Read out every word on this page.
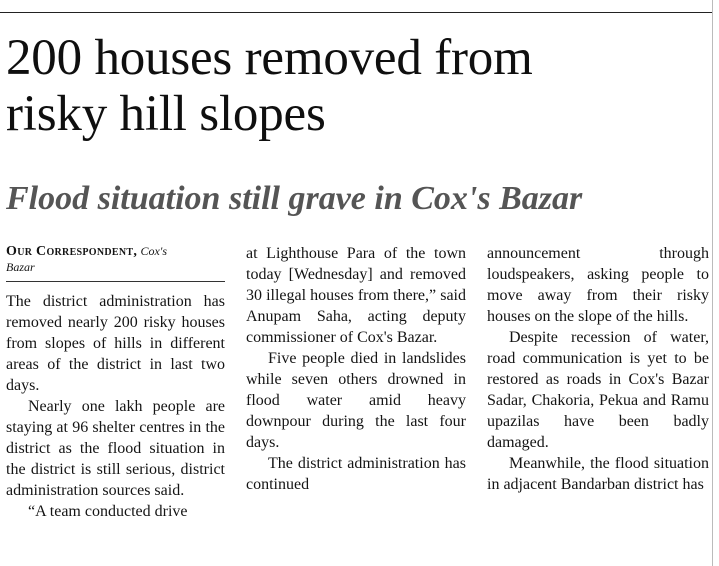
200 houses removed from
risky hill slopes
Flood situation still grave in Cox's Bazar
Our Correspondent, Cox's
Bazar

The district administration has removed nearly 200 risky houses from slopes of hills in different areas of the district in last two days.

Nearly one lakh people are staying at 96 shelter centres in the district as the flood situation in the district is still serious, district administration sources said.

“A team conducted drive

at Lighthouse Para of the town today [Wednesday] and removed 30 illegal houses from there,” said Anupam Saha, acting deputy commissioner of Cox's Bazar.

Five people died in landslides while seven others drowned in flood water amid heavy downpour during the last four days.

The district administration has continued

announcement through loudspeakers, asking people to move away from their risky houses on the slope of the hills.

Despite recession of water, road communication is yet to be restored as roads in Cox's Bazar Sadar, Chakoria, Pekua and Ramu upazilas have been badly damaged.

Meanwhile, the flood situation in adjacent Bandarban district has
